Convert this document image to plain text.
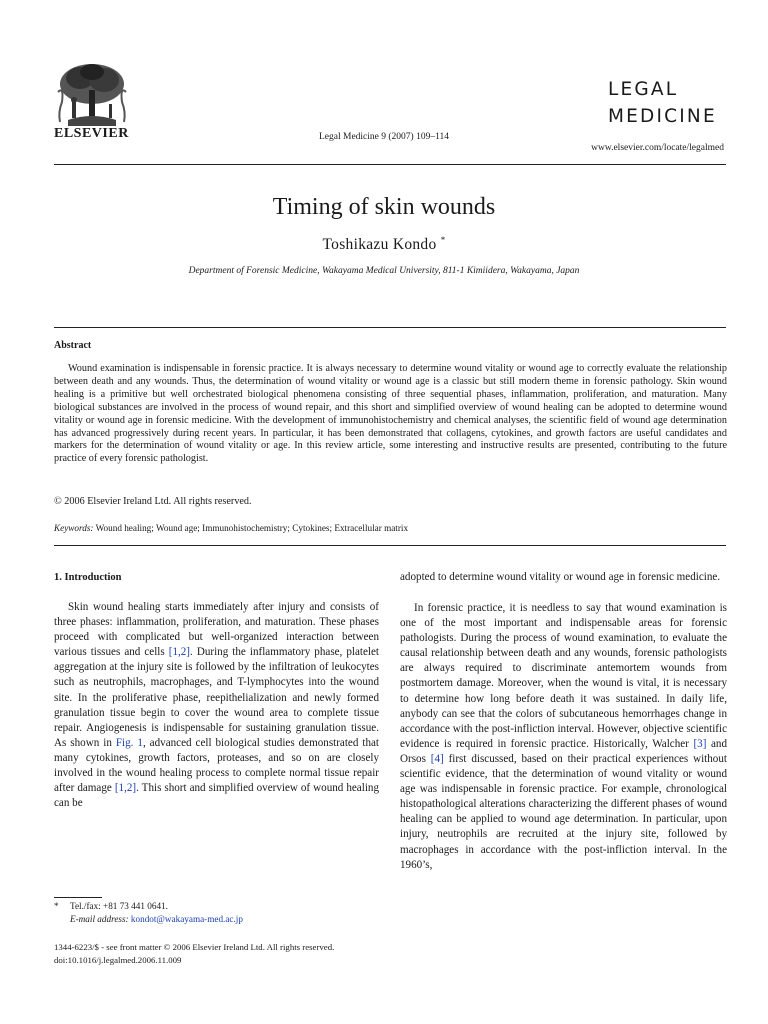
ELSEVIER	Legal Medicine 9 (2007) 109–114
LEGAL
MEDICINE
www.elsevier.com/locate/legalmed
Timing of skin wounds
Toshikazu Kondo *
Department of Forensic Medicine, Wakayama Medical University, 811-1 Kimiidera, Wakayama, Japan
Abstract

Wound examination is indispensable in forensic practice. It is always necessary to determine wound vitality or wound age to correctly evaluate the relationship between death and any wounds. Thus, the determination of wound vitality or wound age is a classic but still modern theme in forensic pathology. Skin wound healing is a primitive but well orchestrated biological phenomena consisting of three sequential phases, inflammation, proliferation, and maturation. Many biological substances are involved in the process of wound repair, and this short and simplified overview of wound healing can be adopted to determine wound vitality or wound age in forensic medicine. With the development of immunohistochemistry and chemical analyses, the scientific field of wound age determination has advanced progressively during recent years. In particular, it has been demonstrated that collagens, cytokines, and growth factors are useful candidates and markers for the determination of wound vitality or age. In this review article, some interesting and instructive results are presented, contributing to the future practice of every forensic pathologist.

© 2006 Elsevier Ireland Ltd. All rights reserved.
Keywords: Wound healing; Wound age; Immunohistochemistry; Cytokines; Extracellular matrix
1. Introduction

Skin wound healing starts immediately after injury and consists of three phases: inflammation, proliferation, and maturation. These phases proceed with complicated but well-organized interaction between various tissues and cells [1,2]. During the inflammatory phase, platelet aggregation at the injury site is followed by the infiltration of leukocytes such as neutrophils, macrophages, and T-lymphocytes into the wound site. In the proliferative phase, reepithelialization and newly formed granulation tissue begin to cover the wound area to complete tissue repair. Angiogenesis is indispensable for sustaining granulation tissue. As shown in Fig. 1, advanced cell biological studies demonstrated that many cytokines, growth factors, proteases, and so on are closely involved in the wound healing process to complete normal tissue repair after damage [1,2]. This short and simplified overview of wound healing can be

adopted to determine wound vitality or wound age in forensic medicine.

In forensic practice, it is needless to say that wound examination is one of the most important and indispensable areas for forensic pathologists. During the process of wound examination, to evaluate the causal relationship between death and any wounds, forensic pathologists are always required to discriminate antemortem wounds from postmortem damage. Moreover, when the wound is vital, it is necessary to determine how long before death it was sustained. In daily life, anybody can see that the colors of subcutaneous hemorrhages change in accordance with the post-infliction interval. However, objective scientific evidence is required in forensic practice. Historically, Walcher [3] and Orsos [4] first discussed, based on their practical experiences without scientific evidence, that the determination of wound vitality or wound age was indispensable in forensic practice. For example, chronological histopathological alterations characterizing the different phases of wound healing can be applied to wound age determination. In particular, upon injury, neutrophils are recruited at the injury site, followed by macrophages in accordance with the post-infliction interval. In the 1960’s,

* Tel./fax: +81 73 441 0641.
E-mail address: kondot@wakayama-med.ac.jp
1344-6223/$ - see front matter © 2006 Elsevier Ireland Ltd. All rights reserved.
doi:10.1016/j.legalmed.2006.11.009
